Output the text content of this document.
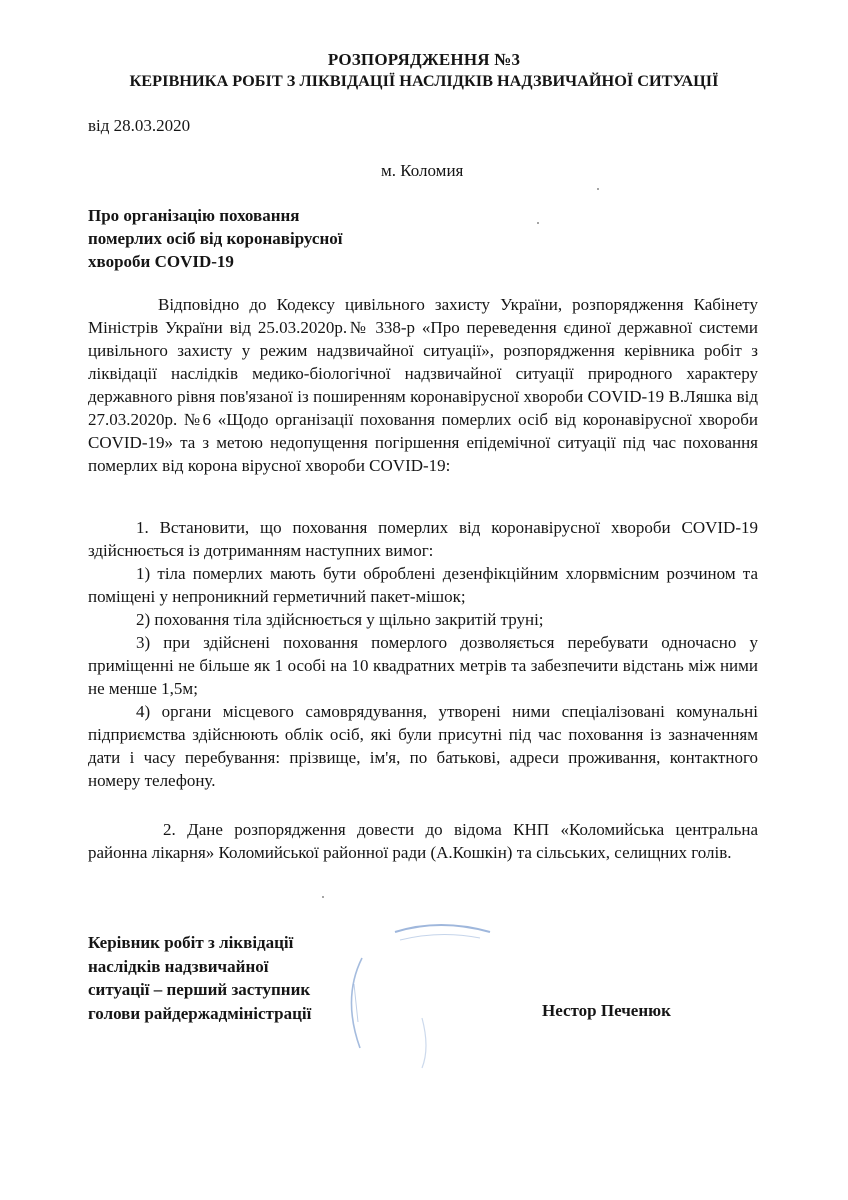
РОЗПОРЯДЖЕННЯ №3
КЕРІВНИКА РОБІТ З ЛІКВІДАЦІЇ НАСЛІДКІВ НАДЗВИЧАЙНОЇ СИТУАЦІЇ
від 28.03.2020
м. Коломия
Про організацію поховання
померлих осіб від коронавірусної
хвороби COVID-19

Відповідно до Кодексу цивільного захисту України, розпорядження Кабінету Міністрів України від 25.03.2020р.№ 338-р «Про переведення єдиної державної системи цивільного захисту у режим надзвичайної ситуації», розпорядження керівника робіт з ліквідації наслідків медико-біологічної надзвичайної ситуації природного характеру державного рівня пов'язаної із поширенням коронавірусної хвороби COVID-19 В.Ляшка від 27.03.2020р. №6 «Щодо організації поховання померлих осіб від коронавірусної хвороби COVID-19» та з метою недопущення погіршення епідемічної ситуації під час поховання померлих від корона вірусної хвороби COVID-19:

1. Встановити, що поховання померлих від коронавірусної хвороби COVID-19 здійснюється із дотриманням наступних вимог:

1) тіла померлих мають бути оброблені дезенфікційним хлорвмісним розчином та поміщені у непроникний герметичний пакет-мішок;

2) поховання тіла здійснюється у щільно закритій труні;

3) при здійснені поховання померлого дозволяється перебувати одночасно у приміщенні не більше як 1 особі на 10 квадратних метрів та забезпечити відстань між ними не менше 1,5м;

4) органи місцевого самоврядування, утворені ними спеціалізовані комунальні підприємства здійснюють облік осіб, які були присутні під час поховання із зазначенням дати і часу перебування: прізвище, ім'я, по батькові, адреси проживання, контактного номеру телефону.

2. Дане розпорядження довести до відома КНП «Коломийська центральна районна лікарня» Коломийської районної ради (А.Кошкін) та сільських, селищних голів.

Керівник робіт з ліквідації
наслідків надзвичайної
ситуації – перший заступник
голови райдержадміністрації	Нестор Печенюк
